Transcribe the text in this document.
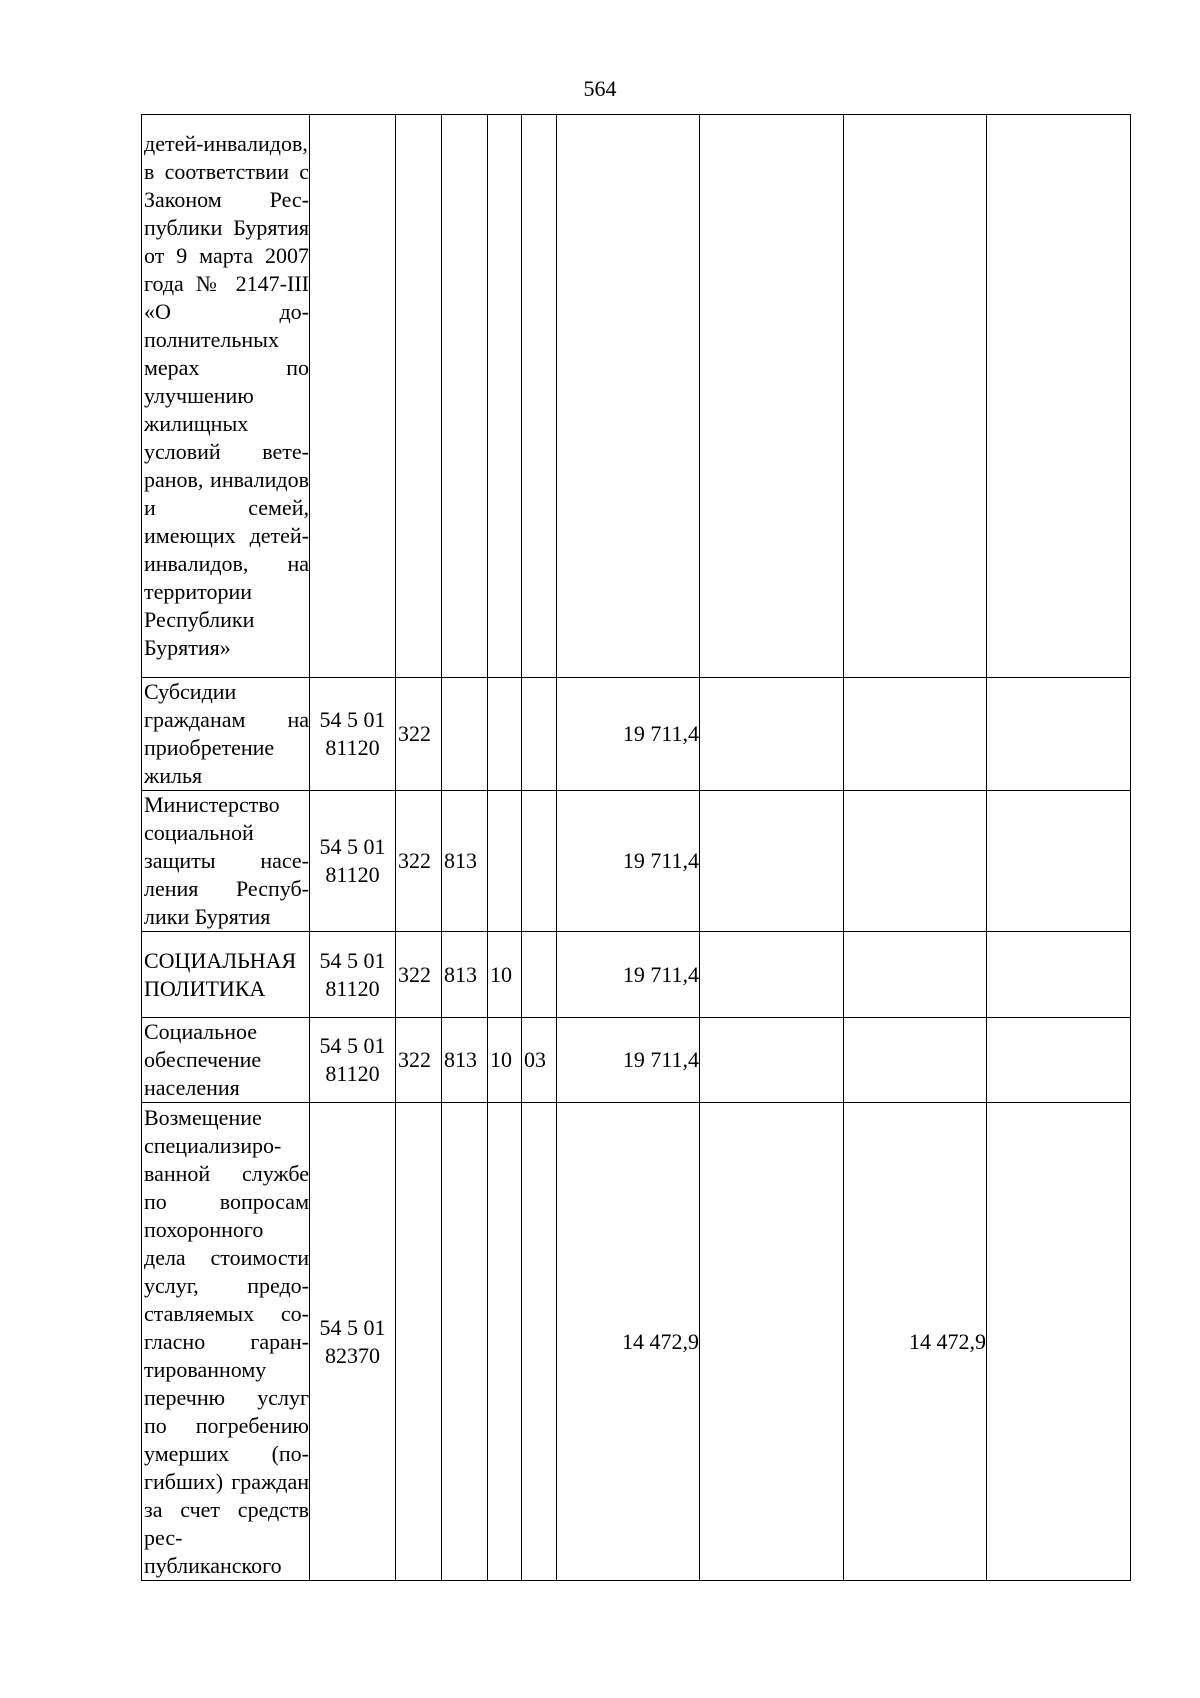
564
детей-инвалидов, в соответствии с Законом Республики Бурятия от 9 марта 2007 года № 2147-III «О дополнительных мерах по улучшению жилищных условий ветеранов, инвалидов и семей, имеющих детей-инвалидов, на территории Республики Бурятия»									
Субсидии гражданам на приобретение жилья	54 5 01 81120	322				19 711,4			
Министерство социальной защиты населения Республики Бурятия	54 5 01 81120	322	813			19 711,4			
СОЦИАЛЬНАЯ ПОЛИТИКА	54 5 01 81120	322	813	10		19 711,4			
Социальное обеспечение населения	54 5 01 81120	322	813	10	03	19 711,4			
Возмещение специализированной службе по вопросам похоронного дела стоимости услуг, предоставляемых согласно гарантированному перечню услуг по погребению умерших (погибших) граждан за счет средств республиканского	54 5 01 82370					14 472,9		14 472,9	
